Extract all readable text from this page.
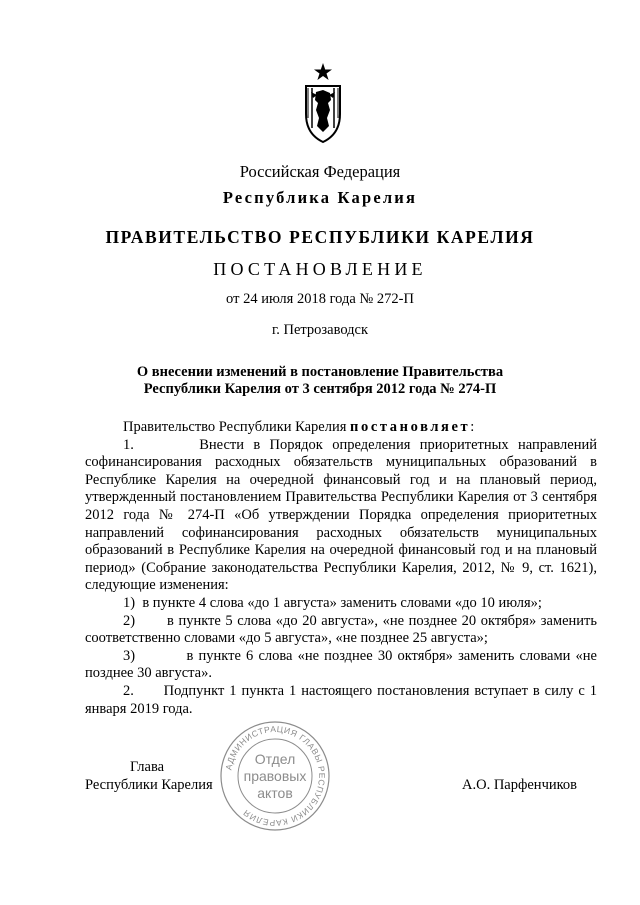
Российская Федерация
Республика Карелия
ПРАВИТЕЛЬСТВО РЕСПУБЛИКИ КАРЕЛИЯ
ПОСТАНОВЛЕНИЕ
от 24 июля 2018 года № 272-П
г. Петрозаводск
О внесении изменений в постановление Правительства
Республики Карелия от 3 сентября 2012 года № 274-П

Правительство Республики Карелия постановляет:

1.       Внести в Порядок определения приоритетных направлений софинансирования расходных обязательств муниципальных образований в Республике Карелия на очередной финансовый год и на плановый период, утвержденный постановлением Правительства Республики Карелия от 3 сентября 2012 года № 274-П «Об утверждении Порядка определения приоритетных направлений софинансирования расходных обязательств муниципальных образований в Республике Карелия на очередной финансовый год и на плановый период» (Собрание законодательства Республики Карелия, 2012, № 9, ст. 1621), следующие изменения:

1)  в пункте 4 слова «до 1 августа» заменить словами «до 10 июля»;

2)       в пункте 5 слова «до 20 августа», «не позднее 20 октября» заменить соответственно словами «до 5 августа», «не позднее 25 августа»;

3)          в пункте 6 слова «не позднее 30 октября» заменить словами «не позднее 30 августа».

2.      Подпункт 1 пункта 1 настоящего постановления вступает в силу с 1 января 2019 года.

Глава
Республики Карелия	А.О. Парфенчиков
АДМИНИСТРАЦИЯ ГЛАВЫ РЕСПУБЛИКИ КАРЕЛИЯ
Отдел
правовых
актов
